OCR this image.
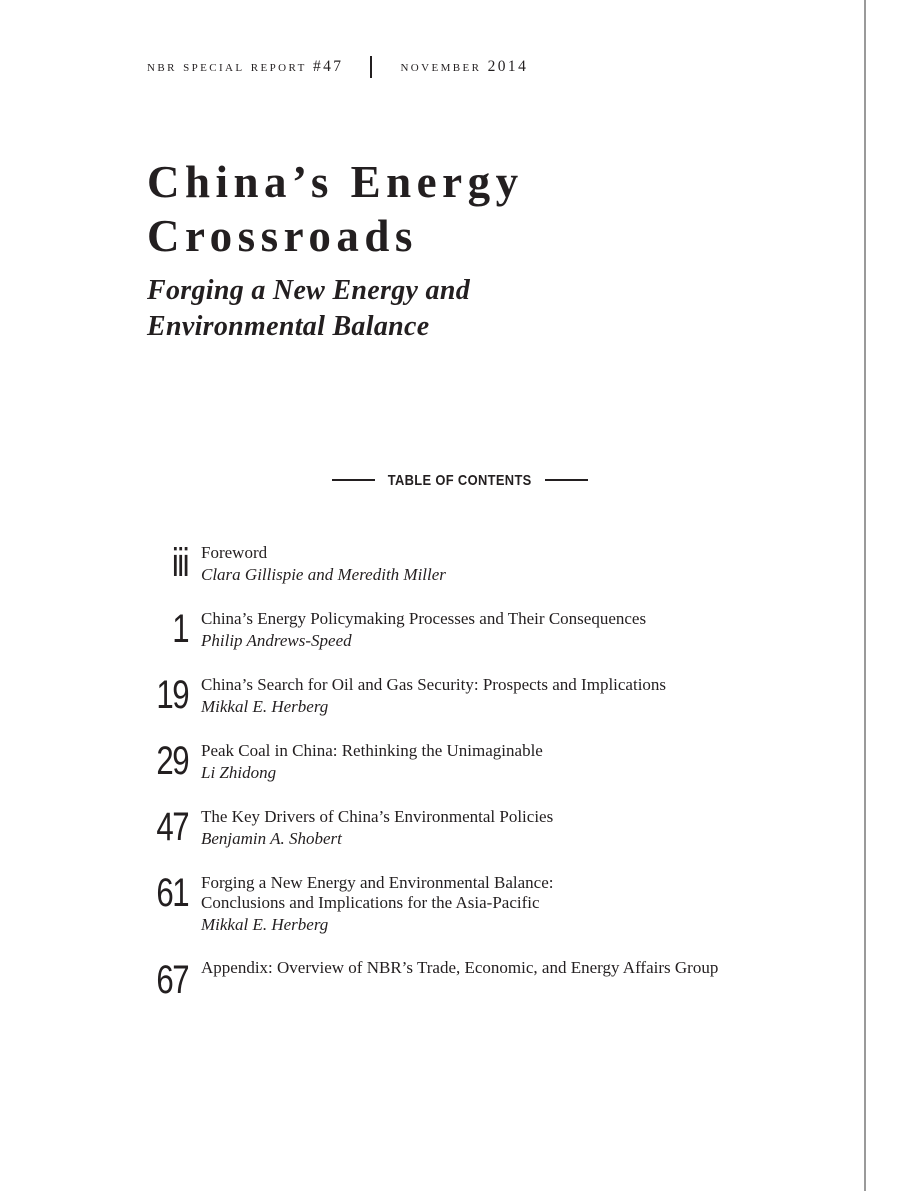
nbr special report #47	november 2014
China’s Energy
Crossroads
Forging a New Energy and
Environmental Balance
TABLE OF CONTENTS
iii Foreword
Clara Gillispie and Meredith Miller
1 China’s Energy Policymaking Processes and Their Consequences
Philip Andrews-Speed
19 China’s Search for Oil and Gas Security: Prospects and Implications
Mikkal E. Herberg
29 Peak Coal in China: Rethinking the Unimaginable
Li Zhidong
47 The Key Drivers of China’s Environmental Policies
Benjamin A. Shobert
61 Forging a New Energy and Environmental Balance:
Conclusions and Implications for the Asia-Pacific
Mikkal E. Herberg
67 Appendix: Overview of NBR’s Trade, Economic, and Energy Affairs Group
